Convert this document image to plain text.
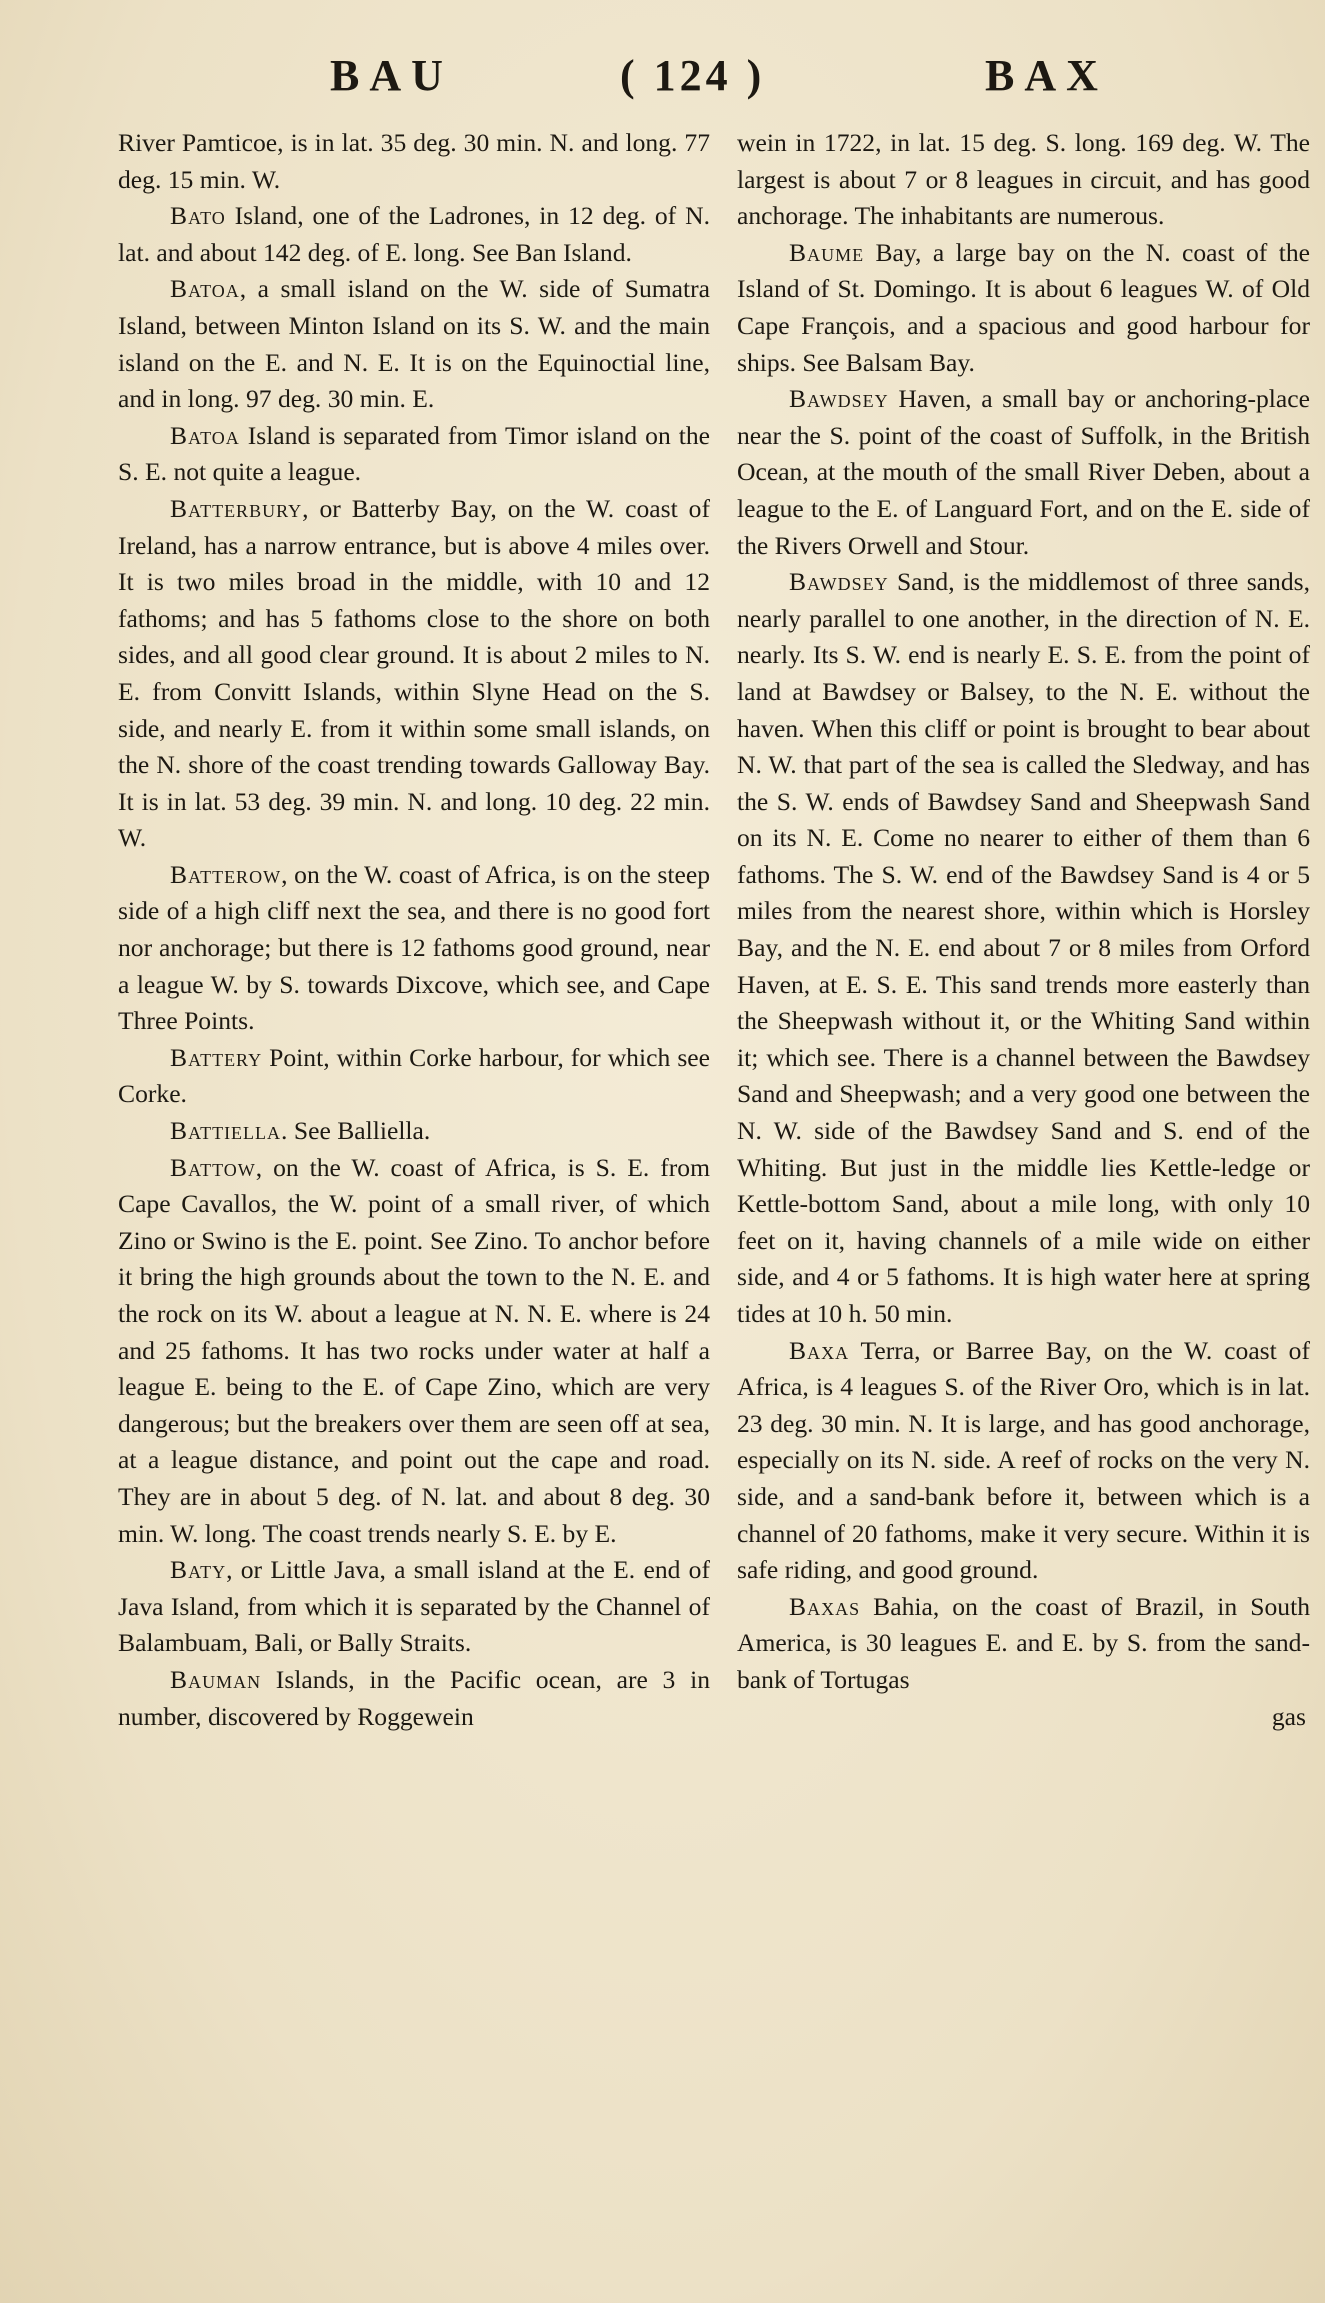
BAU	( 124 )	BAX

River Pamticoe, is in lat. 35 deg. 30 min. N. and long. 77 deg. 15 min. W.

Bato Island, one of the Ladrones, in 12 deg. of N. lat. and about 142 deg. of E. long. See Ban Island.

Batoa, a small island on the W. side of Sumatra Island, between Minton Island on its S. W. and the main island on the E. and N. E. It is on the Equinoctial line, and in long. 97 deg. 30 min. E.

Batoa Island is separated from Timor island on the S. E. not quite a league.

Batterbury, or Batterby Bay, on the W. coast of Ireland, has a narrow entrance, but is above 4 miles over. It is two miles broad in the middle, with 10 and 12 fathoms; and has 5 fathoms close to the shore on both sides, and all good clear ground. It is about 2 miles to N. E. from Convitt Islands, within Slyne Head on the S. side, and nearly E. from it within some small islands, on the N. shore of the coast trending towards Galloway Bay. It is in lat. 53 deg. 39 min. N. and long. 10 deg. 22 min. W.

Batterow, on the W. coast of Africa, is on the steep side of a high cliff next the sea, and there is no good fort nor anchorage; but there is 12 fathoms good ground, near a league W. by S. towards Dixcove, which see, and Cape Three Points.

Battery Point, within Corke harbour, for which see Corke.

Battiella. See Balliella.

Battow, on the W. coast of Africa, is S. E. from Cape Cavallos, the W. point of a small river, of which Zino or Swino is the E. point. See Zino. To anchor before it bring the high grounds about the town to the N. E. and the rock on its W. about a league at N. N. E. where is 24 and 25 fathoms. It has two rocks under water at half a league E. being to the E. of Cape Zino, which are very dangerous; but the breakers over them are seen off at sea, at a league distance, and point out the cape and road. They are in about 5 deg. of N. lat. and about 8 deg. 30 min. W. long. The coast trends nearly S. E. by E.

Baty, or Little Java, a small island at the E. end of Java Island, from which it is separated by the Channel of Balambuam, Bali, or Bally Straits.

Bauman Islands, in the Pacific ocean, are 3 in number, discovered by Roggewein

wein in 1722, in lat. 15 deg. S. long. 169 deg. W. The largest is about 7 or 8 leagues in circuit, and has good anchorage. The inhabitants are numerous.

Baume Bay, a large bay on the N. coast of the Island of St. Domingo. It is about 6 leagues W. of Old Cape François, and a spacious and good harbour for ships. See Balsam Bay.

Bawdsey Haven, a small bay or anchoring-place near the S. point of the coast of Suffolk, in the British Ocean, at the mouth of the small River Deben, about a league to the E. of Languard Fort, and on the E. side of the Rivers Orwell and Stour.

Bawdsey Sand, is the middlemost of three sands, nearly parallel to one another, in the direction of N. E. nearly. Its S. W. end is nearly E. S. E. from the point of land at Bawdsey or Balsey, to the N. E. without the haven. When this cliff or point is brought to bear about N. W. that part of the sea is called the Sledway, and has the S. W. ends of Bawdsey Sand and Sheepwash Sand on its N. E. Come no nearer to either of them than 6 fathoms. The S. W. end of the Bawdsey Sand is 4 or 5 miles from the nearest shore, within which is Horsley Bay, and the N. E. end about 7 or 8 miles from Orford Haven, at E. S. E. This sand trends more easterly than the Sheepwash without it, or the Whiting Sand within it; which see. There is a channel between the Bawdsey Sand and Sheepwash; and a very good one between the N. W. side of the Bawdsey Sand and S. end of the Whiting. But just in the middle lies Kettle-ledge or Kettle-bottom Sand, about a mile long, with only 10 feet on it, having channels of a mile wide on either side, and 4 or 5 fathoms. It is high water here at spring tides at 10 h. 50 min.

Baxa Terra, or Barree Bay, on the W. coast of Africa, is 4 leagues S. of the River Oro, which is in lat. 23 deg. 30 min. N. It is large, and has good anchorage, especially on its N. side. A reef of rocks on the very N. side, and a sand-bank before it, between which is a channel of 20 fathoms, make it very secure. Within it is safe riding, and good ground.

Baxas Bahia, on the coast of Brazil, in South America, is 30 leagues E. and E. by S. from the sand-bank of Tortugas

gas
